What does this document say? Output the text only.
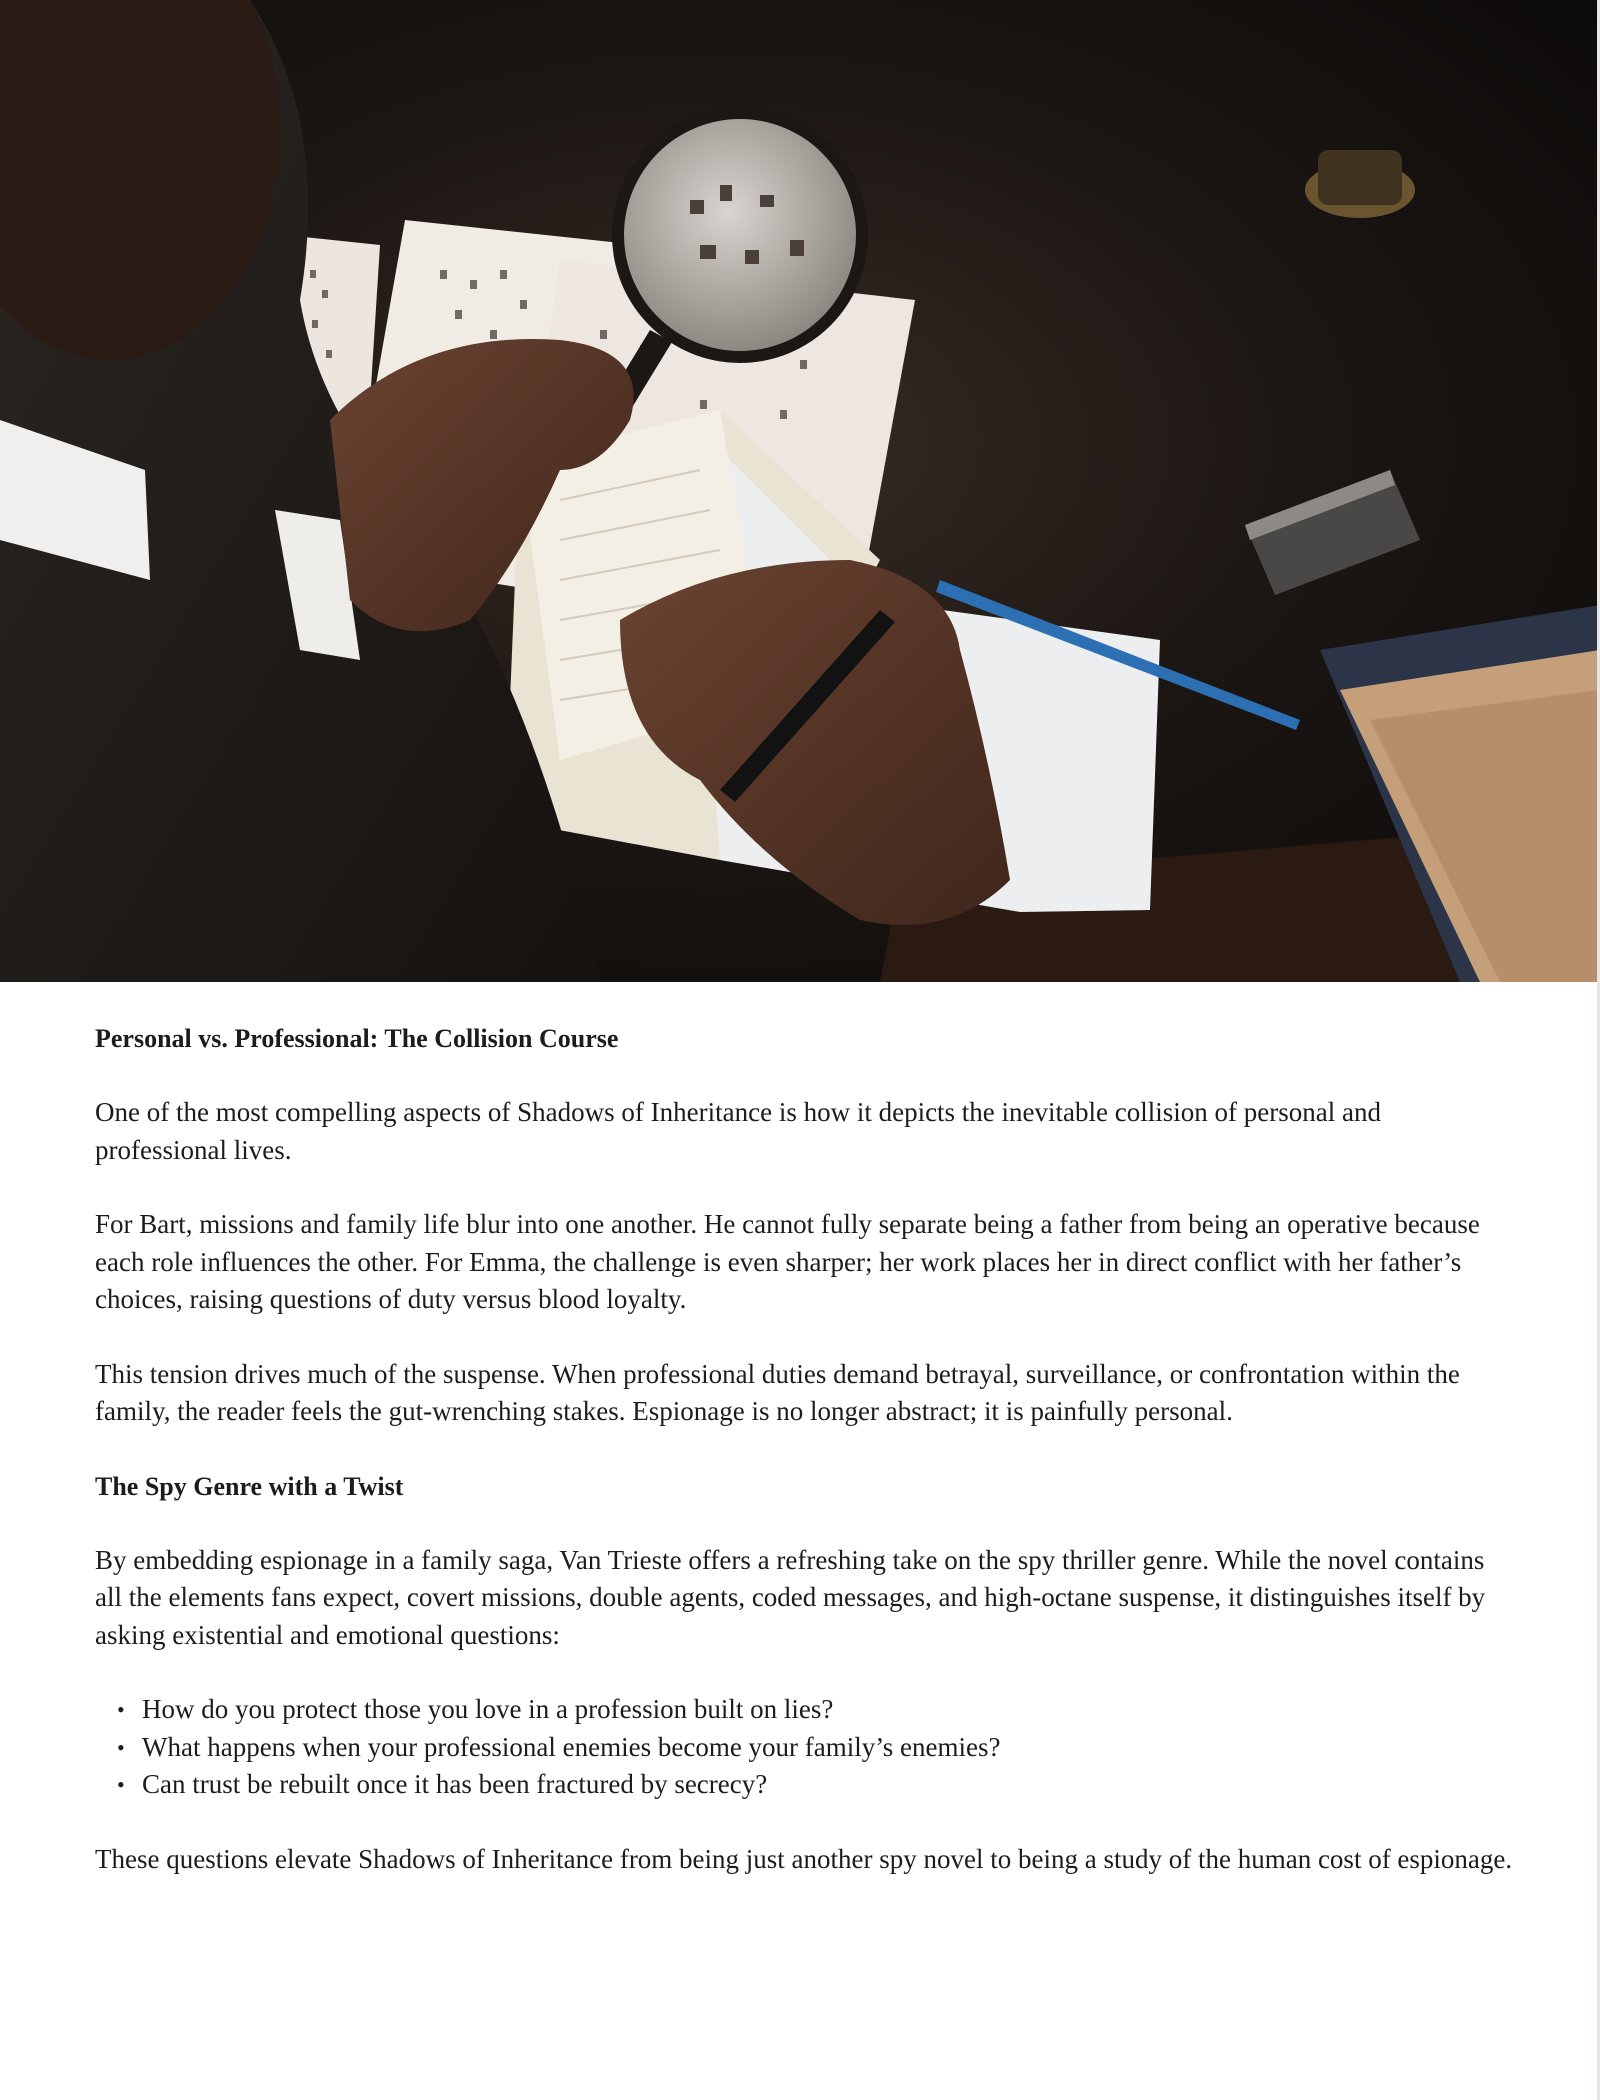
Personal vs. Professional: The Collision Course

One of the most compelling aspects of Shadows of Inheritance is how it depicts the inevitable collision of personal and professional lives.

For Bart, missions and family life blur into one another. He cannot fully separate being a father from being an operative because each role influences the other. For Emma, the challenge is even sharper; her work places her in direct conflict with her father’s choices, raising questions of duty versus blood loyalty.

This tension drives much of the suspense. When professional duties demand betrayal, surveillance, or confrontation within the family, the reader feels the gut-wrenching stakes. Espionage is no longer abstract; it is painfully personal.

The Spy Genre with a Twist

By embedding espionage in a family saga, Van Trieste offers a refreshing take on the spy thriller genre. While the novel contains all the elements fans expect, covert missions, double agents, coded messages, and high-octane suspense, it distinguishes itself by asking existential and emotional questions:

• How do you protect those you love in a profession built on lies?
• What happens when your professional enemies become your family’s enemies?
• Can trust be rebuilt once it has been fractured by secrecy?

These questions elevate Shadows of Inheritance from being just another spy novel to being a study of the human cost of espionage.
